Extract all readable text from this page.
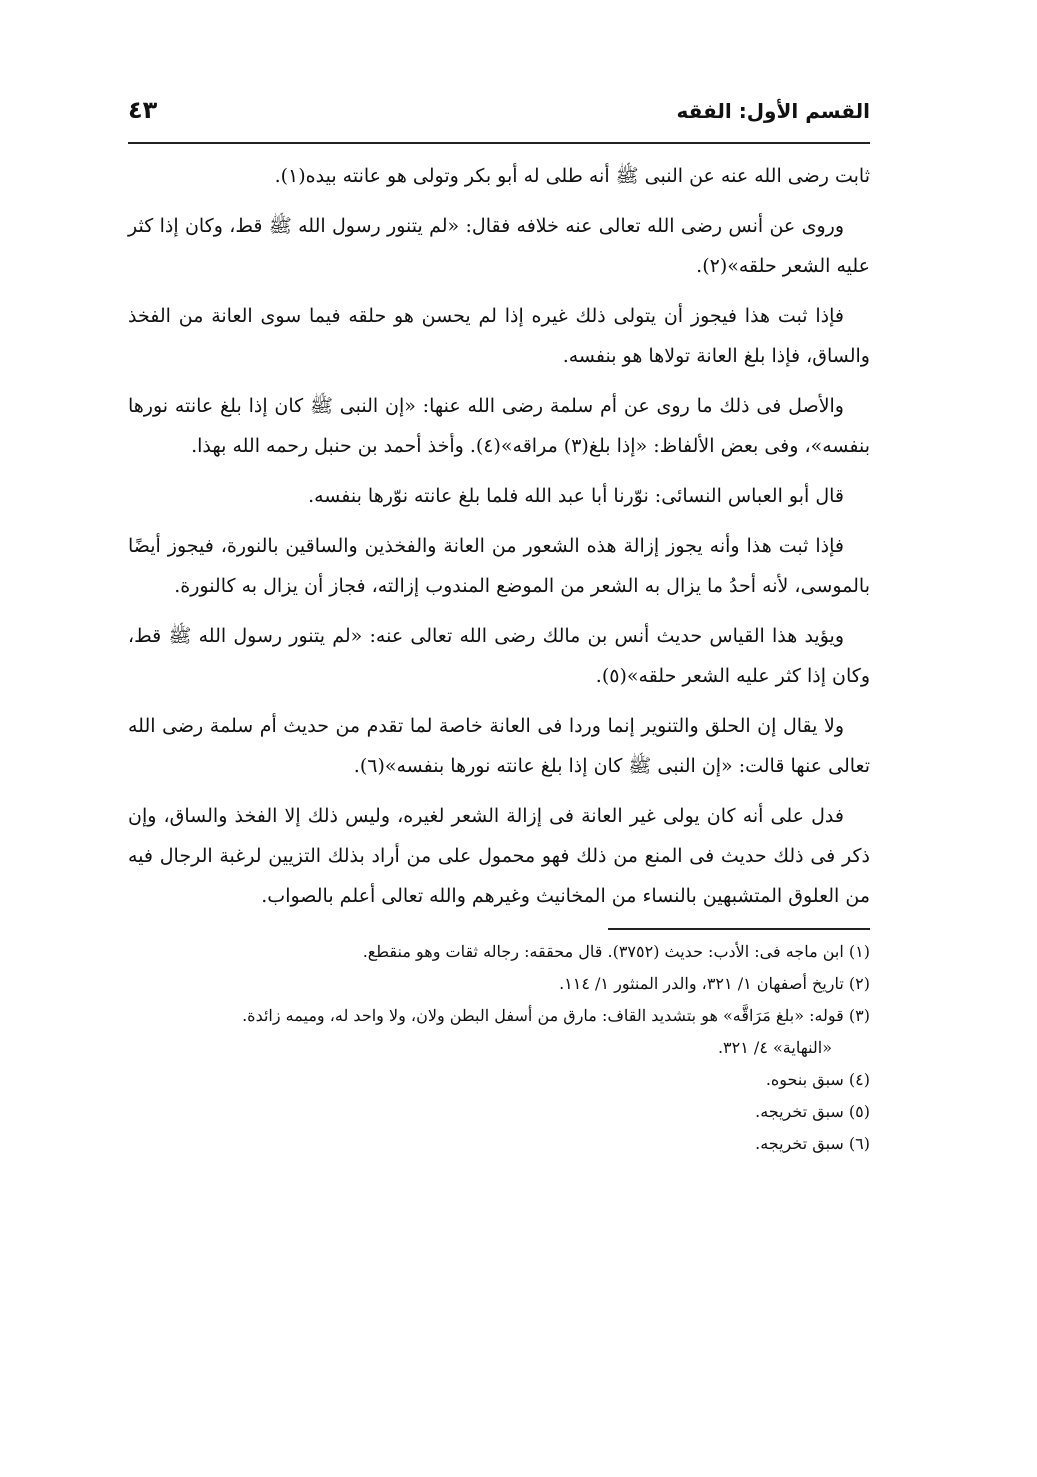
القسم الأول: الفقه
٤٣

ثابت رضى الله عنه عن النبى ﷺ أنه طلى له أبو بكر وتولى هو عانته بيده(١).

وروى عن أنس رضى الله تعالى عنه خلافه فقال: «لم يتنور رسول الله ﷺ قط، وكان إذا كثر عليه الشعر حلقه»(٢).

فإذا ثبت هذا فيجوز أن يتولى ذلك غيره إذا لم يحسن هو حلقه فيما سوى العانة من الفخذ والساق، فإذا بلغ العانة تولاها هو بنفسه.

والأصل فى ذلك ما روى عن أم سلمة رضى الله عنها: «إن النبى ﷺ كان إذا بلغ عانته نورها بنفسه»، وفى بعض الألفاظ: «إذا بلغ(٣) مراقه»(٤). وأخذ أحمد بن حنبل رحمه الله بهذا.

قال أبو العباس النسائى: نوّرنا أبا عبد الله فلما بلغ عانته نوّرها بنفسه.

فإذا ثبت هذا وأنه يجوز إزالة هذه الشعور من العانة والفخذين والساقين بالنورة، فيجوز أيضًا بالموسى، لأنه أحدُ ما يزال به الشعر من الموضع المندوب إزالته، فجاز أن يزال به كالنورة.

ويؤيد هذا القياس حديث أنس بن مالك رضى الله تعالى عنه: «لم يتنور رسول الله ﷺ قط، وكان إذا كثر عليه الشعر حلقه»(٥).

ولا يقال إن الحلق والتنوير إنما وردا فى العانة خاصة لما تقدم من حديث أم سلمة رضى الله تعالى عنها قالت: «إن النبى ﷺ كان إذا بلغ عانته نورها بنفسه»(٦).

فدل على أنه كان يولى غير العانة فى إزالة الشعر لغيره، وليس ذلك إلا الفخذ والساق، وإن ذكر فى ذلك حديث فى المنع من ذلك فهو محمول على من أراد بذلك التزيين لرغبة الرجال فيه من العلوق المتشبهين بالنساء من المخانيث وغيرهم والله تعالى أعلم بالصواب.

(١) ابن ماجه فى: الأدب: حديث (٣٧٥٢). قال محققه: رجاله ثقات وهو منقطع.

(٢) تاريخ أصفهان ١/ ٣٢١، والدر المنثور ١/ ١١٤.

(٣) قوله: «بلغ مَرَاقَّه» هو بتشديد القاف: مارق من أسفل البطن ولان، ولا واحد له، وميمه زائدة.

«النهاية» ٤/ ٣٢١.

(٤) سبق بنحوه.

(٥) سبق تخريجه.

(٦) سبق تخريجه.
